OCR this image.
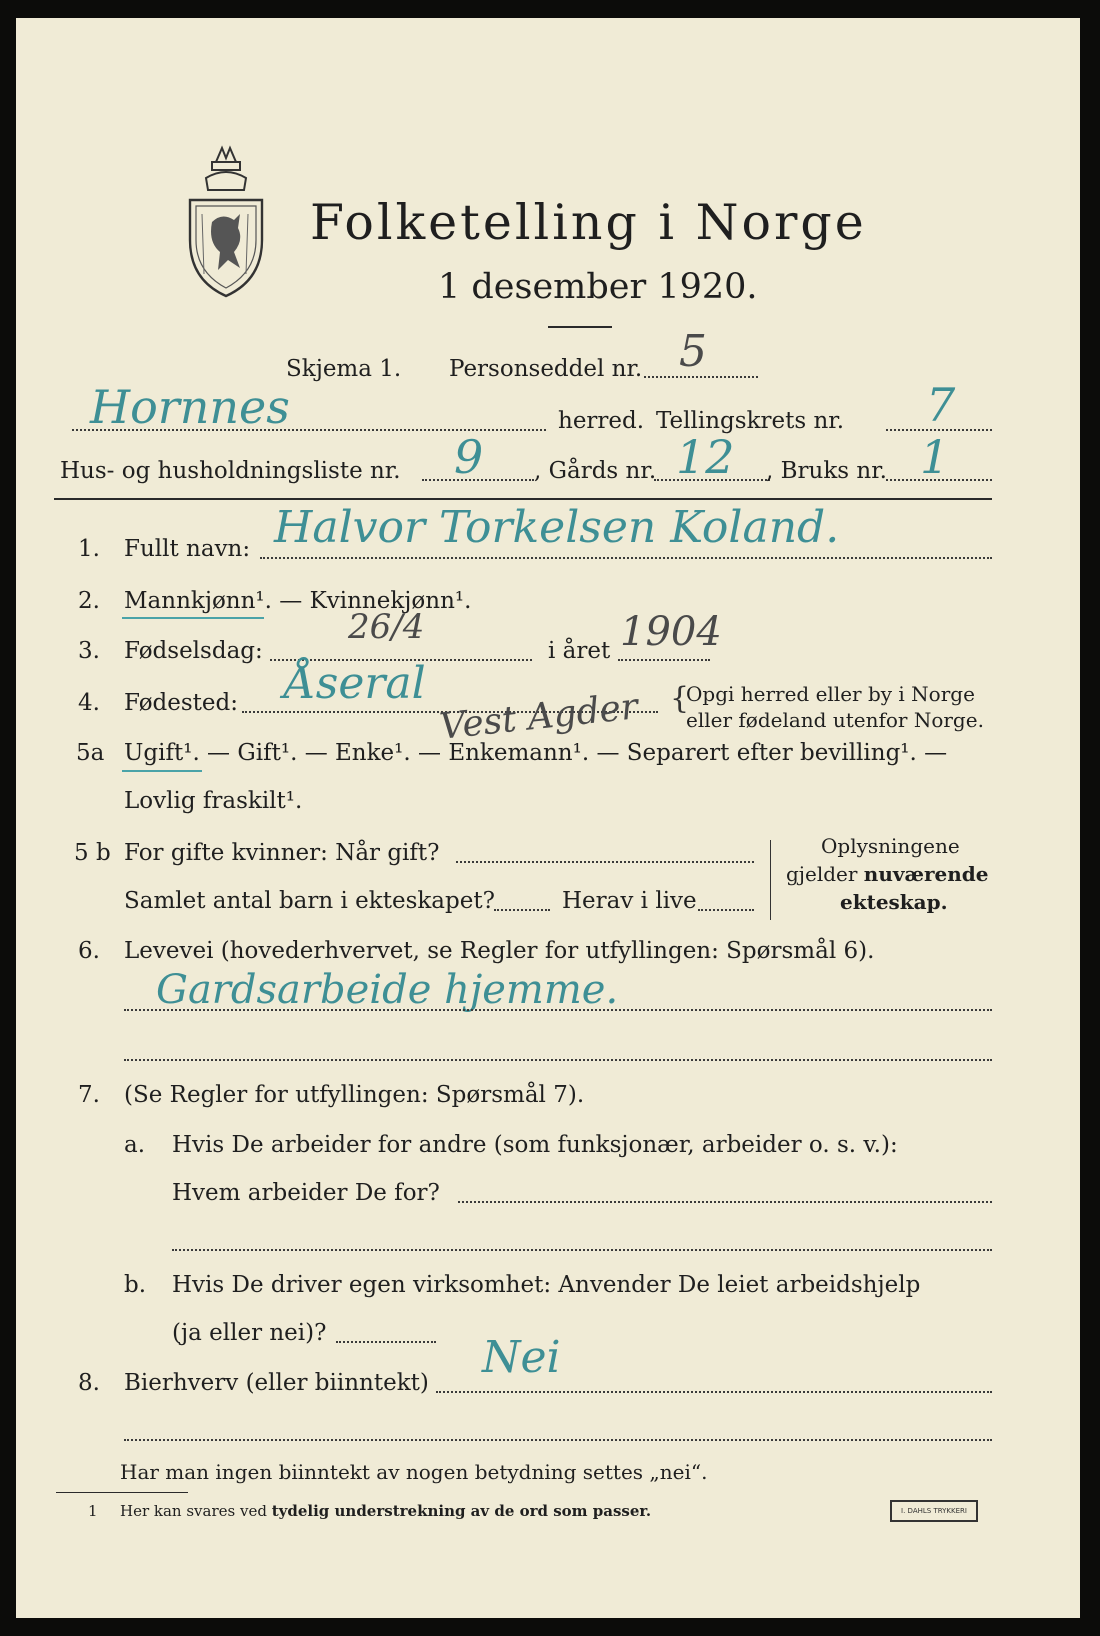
Folketelling i Norge
1 desember 1920.
Skjema 1. Personseddel nr. 5
Hornnes	herred. Tellingskrets nr. 7
Hus- og husholdningsliste nr. 9 , Gårds nr. 12 , Bruks nr. 1
1. Fullt navn: Halvor Torkelsen Koland.
2. Mannkjønn¹. — Kvinnekjønn¹.
3. Fødselsdag:
26/4
i året 1904
4. Fødested: Åseral
Vest Agder {
Opgi herred eller by i Norge
eller fødeland utenfor Norge.
5a Ugift¹. — Gift¹. — Enke¹. — Enkemann¹. — Separert efter bevilling¹. —
Lovlig fraskilt¹.
5 b For gifte kvinner: Når gift?
Samlet antal barn i ekteskapet?	Herav i live
Oplysningene
gjelder nuværende
ekteskap.
6. Levevei (hovederhvervet, se Regler for utfyllingen: Spørsmål 6).
Gardsarbeide hjemme.
7. (Se Regler for utfyllingen: Spørsmål 7).
a. Hvis De arbeider for andre (som funksjonær, arbeider o. s. v.):
Hvem arbeider De for?
b. Hvis De driver egen virksomhet: Anvender De leiet arbeidshjelp
(ja eller nei)?
8. Bierhverv (eller biinntekt) Nei
Har man ingen biinntekt av nogen betydning settes „nei“.
1 Her kan svares ved tydelig understrekning av de ord som passer.	I. DAHLS TRYKKERI
